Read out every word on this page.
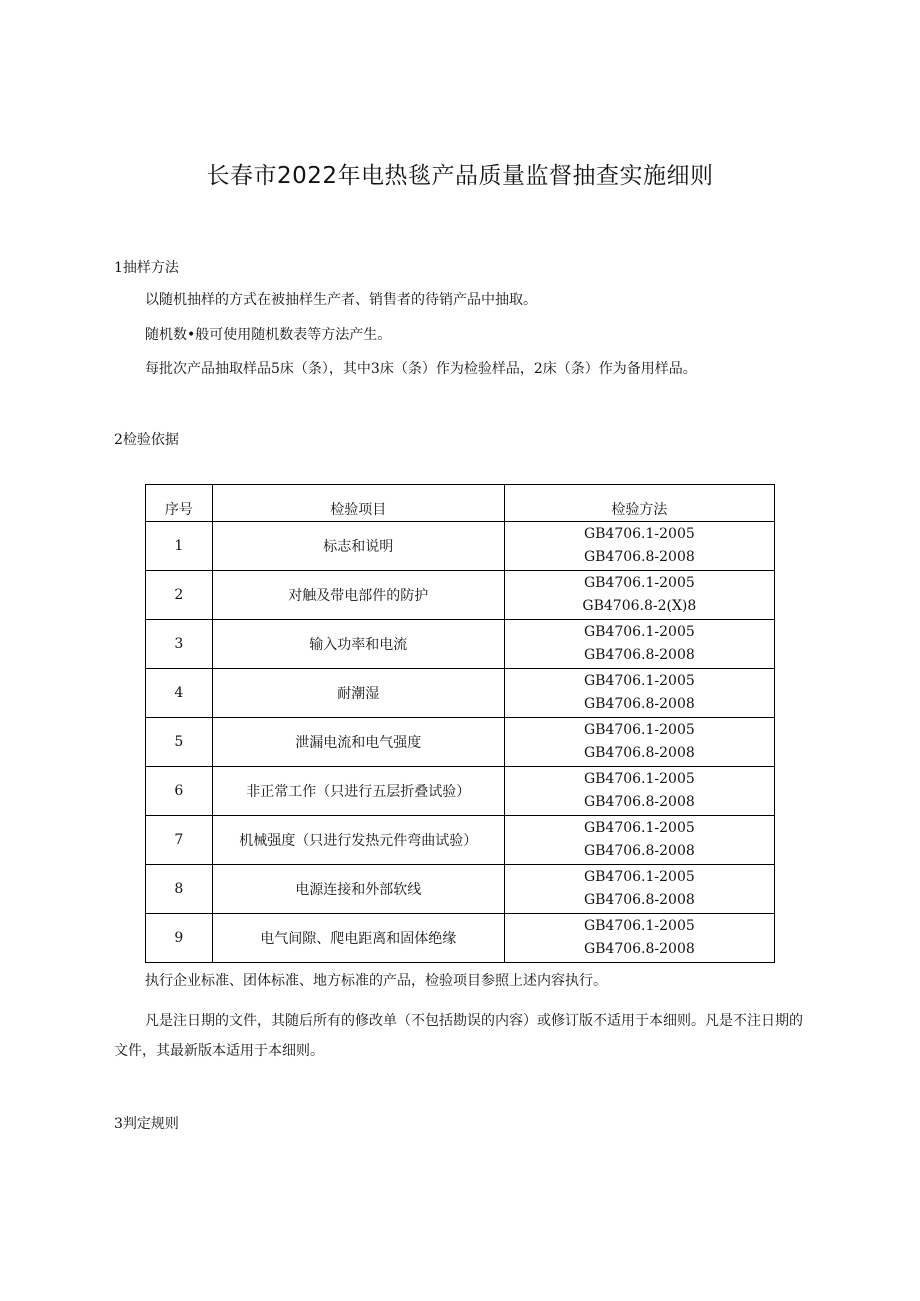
长春市2022年电热毯产品质量监督抽查实施细则
1抽样方法
以随机抽样的方式在被抽样生产者、销售者的待销产品中抽取。
随机数•般可使用随机数表等方法产生。
每批次产品抽取样品5床（条），其中3床（条）作为检验样品，2床（条）作为备用样品。
2检验依据
序号	检验项目	检验方法
1	标志和说明	GB4706.1-2005
GB4706.8-2008

2	对触及带电部件的防护	GB4706.1-2005
GB4706.8-2(X)8

3	输入功率和电流	GB4706.1-2005
GB4706.8-2008

4	耐潮湿	GB4706.1-2005
GB4706.8-2008

5	泄漏电流和电气强度	GB4706.1-2005
GB4706.8-2008

6	非正常工作（只进行五层折叠试验）	GB4706.1-2005
GB4706.8-2008

7	机械强度（只进行发热元件弯曲试验）	GB4706.1-2005
GB4706.8-2008

8	电源连接和外部软线	GB4706.1-2005
GB4706.8-2008

9	电气间隙、爬电距离和固体绝缘	GB4706.1-2005
GB4706.8-2008
执行企业标准、团体标准、地方标准的产品，检验项目参照上述内容执行。
凡是注日期的文件，其随后所有的修改单（不包括勘误的内容）或修订版不适用于本细则。凡是不注日期的文件，其最新版本适用于本细则。
3判定规则
